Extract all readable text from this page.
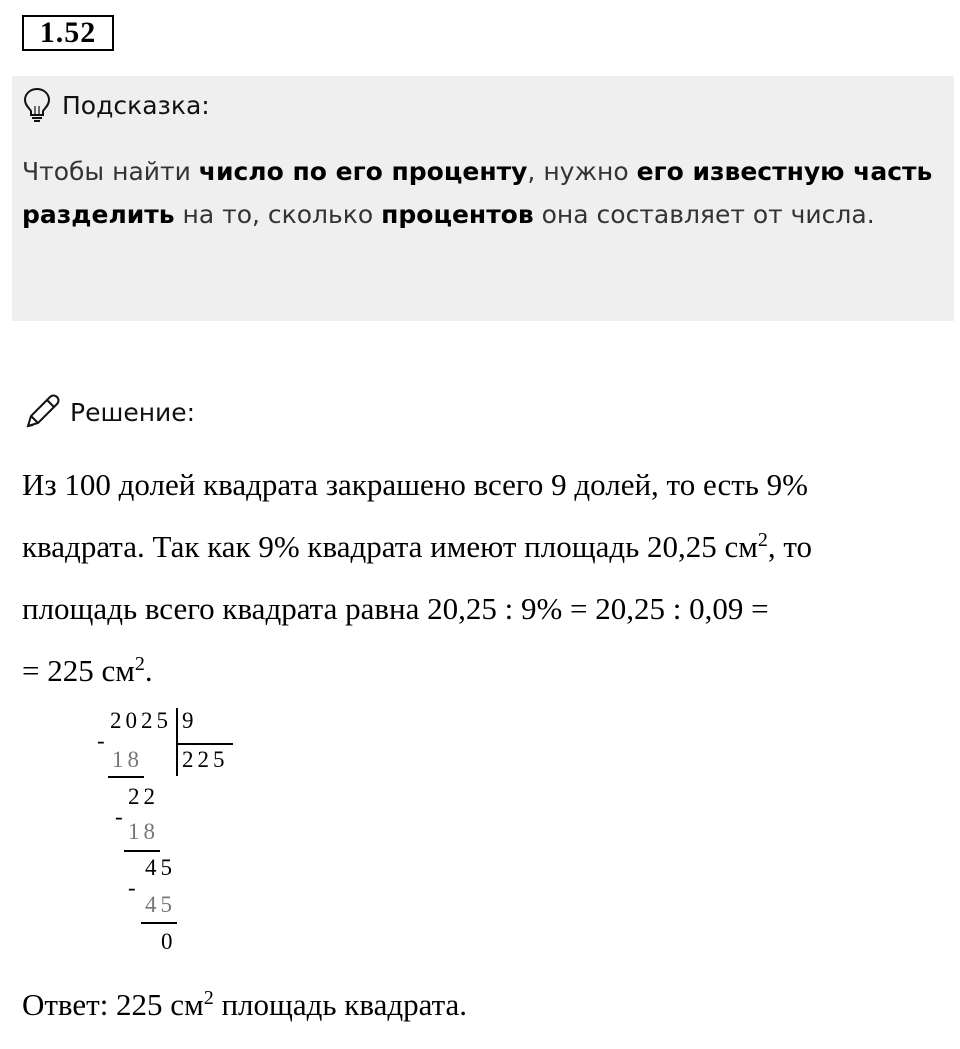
1.52
Подсказка:
Чтобы найти число по его проценту, нужно его известную часть разделить на то, сколько процентов она составляет от числа.
Решение:
Из 100 долей квадрата закрашено всего 9 долей, то есть 9%
квадрата. Так как 9% квадрата имеют площадь 20,25 $см^2$, то
площадь всего квадрата равна 20,25 : 9% = 20,25 : 0,09 =
= 225 $см^2$.
-
2025 9
225
18
22
-
18
45
-
45
0
Ответ: 225 $см^2$ площадь квадрата.
